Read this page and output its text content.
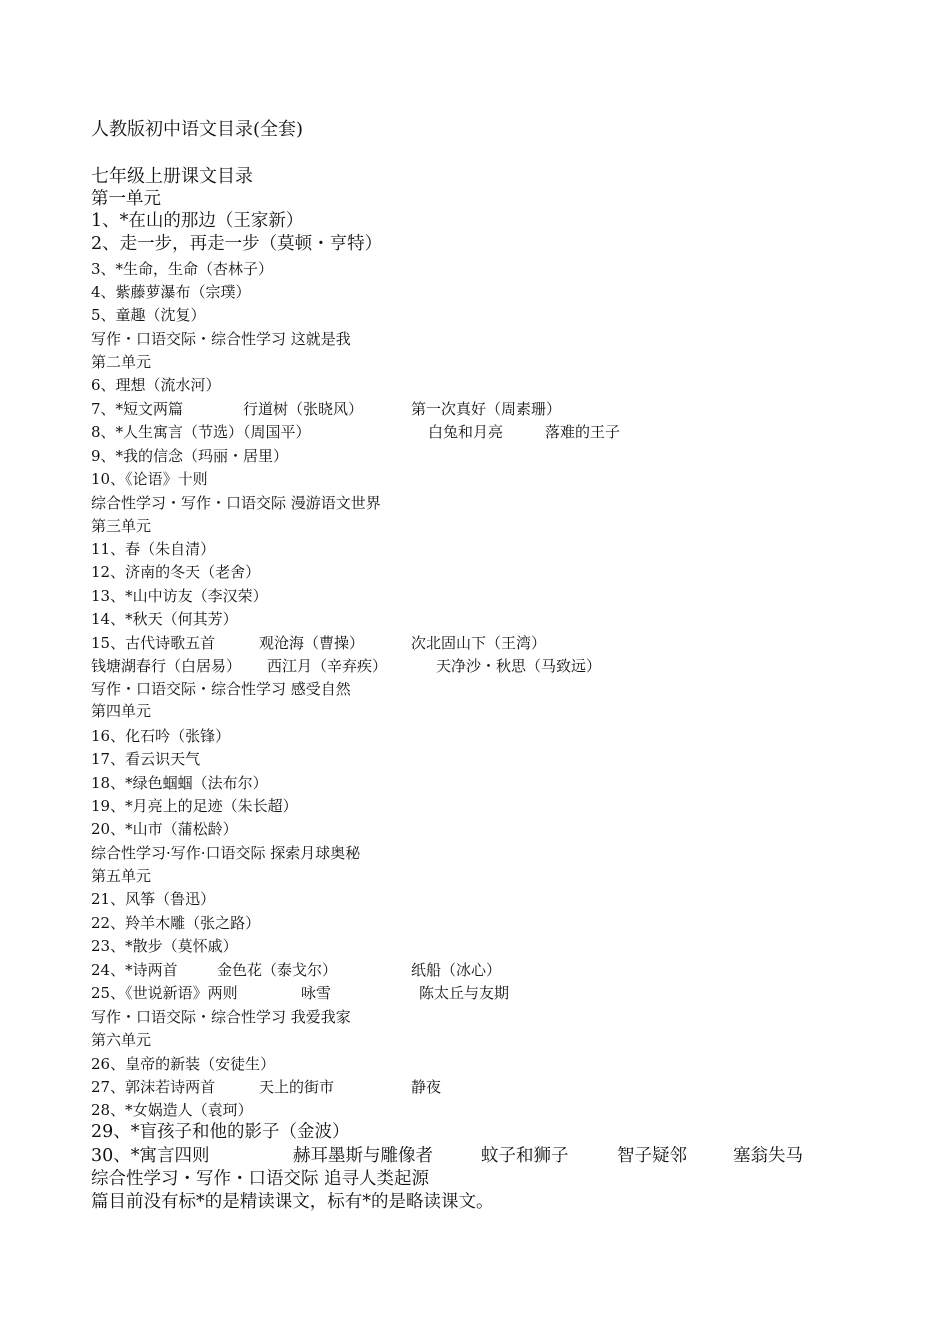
人教版初中语文目录(全套)
七年级上册课文目录
第一单元
1、*在山的那边（王家新）
2、走一步，再走一步（莫顿・亨特）
3、*生命，生命（杏林子）
4、紫藤萝瀑布（宗璞）
5、童趣（沈复）
写作・口语交际・综合性学习 这就是我
第二单元
6、理想（流水河）
7、*短文两篇	行道树（张晓风）	第一次真好（周素珊）
8、*人生寓言（节选）（周国平）	白兔和月亮	落难的王子
9、*我的信念（玛丽・居里）
10、《论语》十则
综合性学习・写作・口语交际 漫游语文世界
第三单元
11、春（朱自清）
12、济南的冬天（老舍）
13、*山中访友（李汉荣）
14、*秋天（何其芳）
15、古代诗歌五首	观沧海（曹操）	次北固山下（王湾）
钱塘湖春行（白居易） 西江月（辛弃疾）	天净沙・秋思（马致远）
写作・口语交际・综合性学习 感受自然
第四单元
16、化石吟（张锋）
17、看云识天气
18、*绿色蝈蝈（法布尔）
19、*月亮上的足迹（朱长超）
20、*山市（蒲松龄）
综合性学习·写作·口语交际 探索月球奥秘
第五单元
21、风筝（鲁迅）
22、羚羊木雕（张之路）
23、*散步（莫怀戚）
24、*诗两首	金色花（泰戈尔）	纸船（冰心）
25、《世说新语》两则	咏雪	陈太丘与友期
写作・口语交际・综合性学习 我爱我家
第六单元
26、皇帝的新装（安徒生）
27、郭沫若诗两首	天上的街市	静夜
28、*女娲造人（袁珂）
29、*盲孩子和他的影子（金波）
30、*寓言四则	赫耳墨斯与雕像者	蚊子和狮子	智子疑邻	塞翁失马
综合性学习・写作・口语交际 追寻人类起源
篇目前没有标*的是精读课文，标有*的是略读课文。
